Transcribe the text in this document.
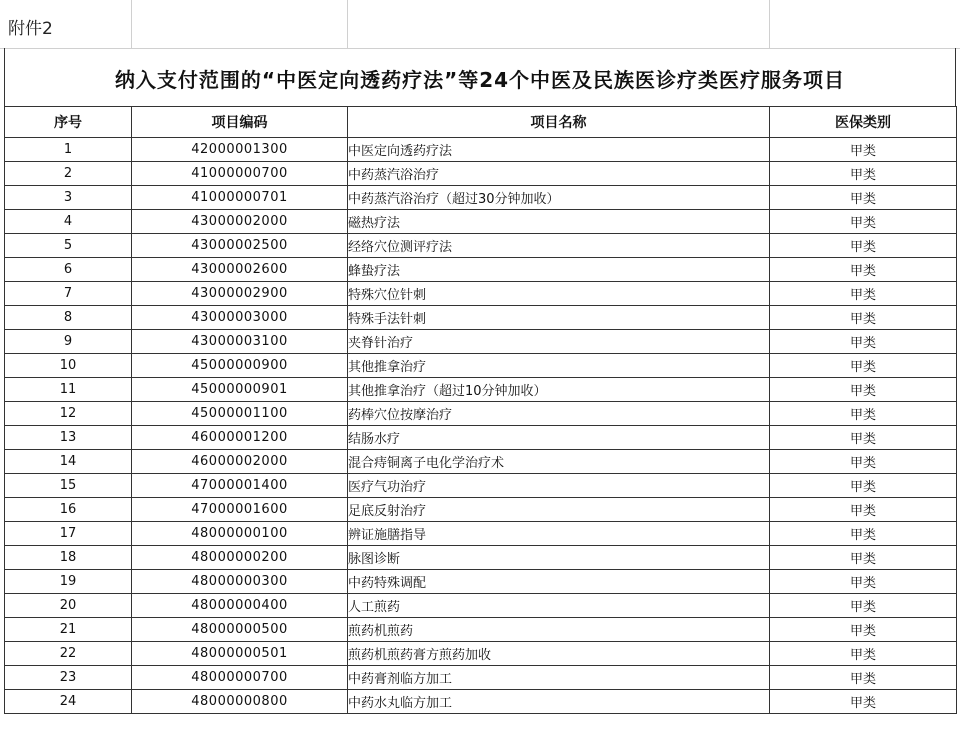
附件2
纳入支付范围的“中医定向透药疗法”等24个中医及民族医诊疗类医疗服务项目
序号	项目编码	项目名称	医保类别
1	42000001300	中医定向透药疗法	甲类
2	41000000700	中药蒸汽浴治疗	甲类
3	41000000701	中药蒸汽浴治疗（超过30分钟加收）	甲类
4	43000002000	磁热疗法	甲类
5	43000002500	经络穴位测评疗法	甲类
6	43000002600	蜂蛰疗法	甲类
7	43000002900	特殊穴位针刺	甲类
8	43000003000	特殊手法针刺	甲类
9	43000003100	夹脊针治疗	甲类
10	45000000900	其他推拿治疗	甲类
11	45000000901	其他推拿治疗（超过10分钟加收）	甲类
12	45000001100	药棒穴位按摩治疗	甲类
13	46000001200	结肠水疗	甲类
14	46000002000	混合痔铜离子电化学治疗术	甲类
15	47000001400	医疗气功治疗	甲类
16	47000001600	足底反射治疗	甲类
17	48000000100	辨证施膳指导	甲类
18	48000000200	脉图诊断	甲类
19	48000000300	中药特殊调配	甲类
20	48000000400	人工煎药	甲类
21	48000000500	煎药机煎药	甲类
22	48000000501	煎药机煎药膏方煎药加收	甲类
23	48000000700	中药膏剂临方加工	甲类
24	48000000800	中药水丸临方加工	甲类
